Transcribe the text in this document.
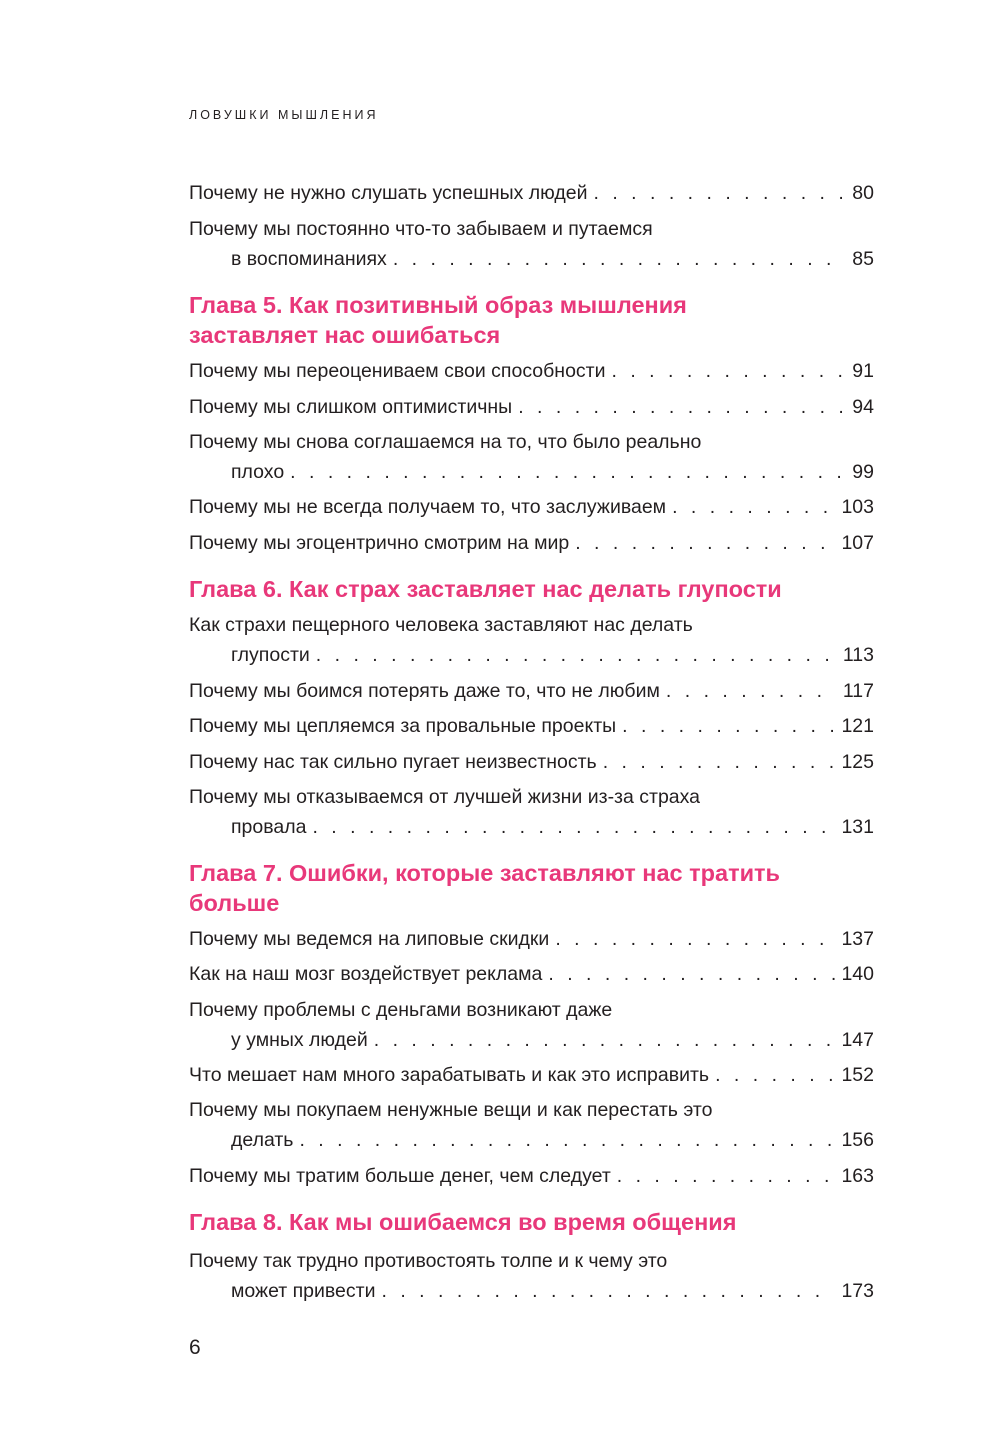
ЛОВУШКИ МЫШЛЕНИЯ
Почему не нужно слушать успешных людей . . .	80
Почему мы постоянно что-то забываем и путаемся
в воспоминаниях . . .	85
Глава 5. Как позитивный образ мышления
заставляет нас ошибаться
Почему мы переоцениваем свои способности . . .	91
Почему мы слишком оптимистичны . . .	94
Почему мы снова соглашаемся на то, что было реально
плохо . . .	99
Почему мы не всегда получаем то, что заслуживаем . . .	103
Почему мы эгоцентрично смотрим на мир . . .	107
Глава 6. Как страх заставляет нас делать глупости
Как страхи пещерного человека заставляют нас делать
глупости . . .	113
Почему мы боимся потерять даже то, что не любим . . .	117
Почему мы цепляемся за провальные проекты . . .	121
Почему нас так сильно пугает неизвестность . . .	125
Почему мы отказываемся от лучшей жизни из-за страха
провала . . .	131
Глава 7. Ошибки, которые заставляют нас тратить
больше
Почему мы ведемся на липовые скидки . . .	137
Как на наш мозг воздействует реклама . . .	140
Почему проблемы с деньгами возникают даже
у умных людей . . .	147
Что мешает нам много зарабатывать и как это исправить . . .	152
Почему мы покупаем ненужные вещи и как перестать это
делать . . .	156
Почему мы тратим больше денег, чем следует . . .	163
Глава 8. Как мы ошибаемся во время общения
Почему так трудно противостоять толпе и к чему это
может привести . . .	173
6
